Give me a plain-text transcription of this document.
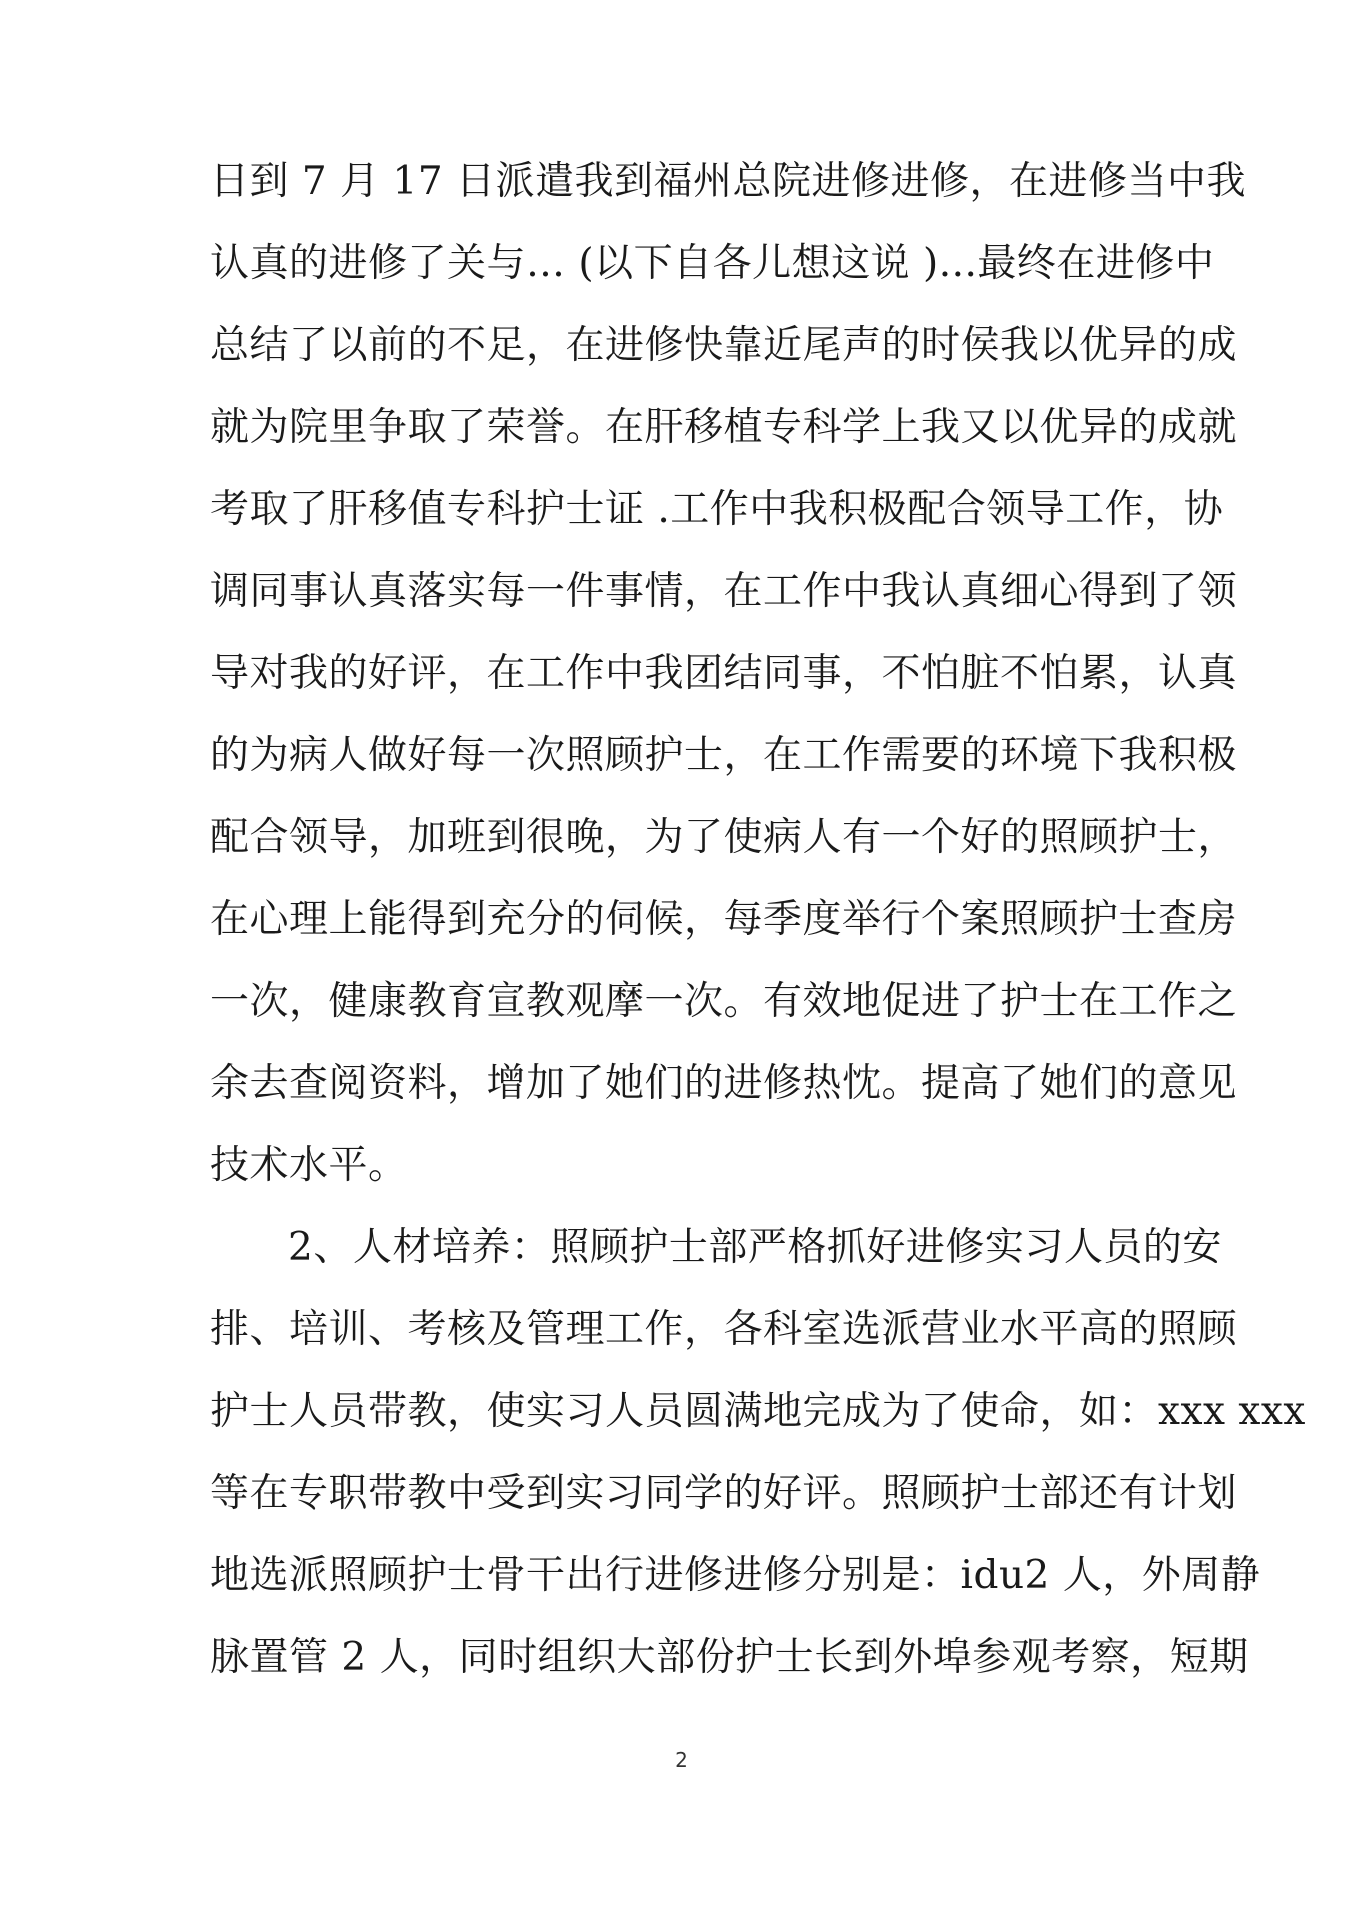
日到 7 月 17 日派遣我到福州总院进修进修，在进修当中我
认真的进修了关与… (以下自各儿想这说 )...最终在进修中
总结了以前的不足，在进修快靠近尾声的时侯我以优异的成
就为院里争取了荣誉。在肝移植专科学上我又以优异的成就
考取了肝移值专科护士证 .工作中我积极配合领导工作，协
调同事认真落实每一件事情，在工作中我认真细心得到了领
导对我的好评，在工作中我团结同事，不怕脏不怕累，认真
的为病人做好每一次照顾护士，在工作需要的环境下我积极
配合领导，加班到很晚，为了使病人有一个好的照顾护士，
在心理上能得到充分的伺候，每季度举行个案照顾护士查房
一次，健康教育宣教观摩一次。有效地促进了护士在工作之
余去查阅资料，增加了她们的进修热忱。提高了她们的意见
技术水平。
2、人材培养：照顾护士部严格抓好进修实习人员的安
排、培训、考核及管理工作，各科室选派营业水平高的照顾
护士人员带教，使实习人员圆满地完成为了使命，如：xxx xxx
等在专职带教中受到实习同学的好评。照顾护士部还有计划
地选派照顾护士骨干出行进修进修分别是：idu2 人，外周静
脉置管 2 人，同时组织大部份护士长到外埠参观考察，短期
2
